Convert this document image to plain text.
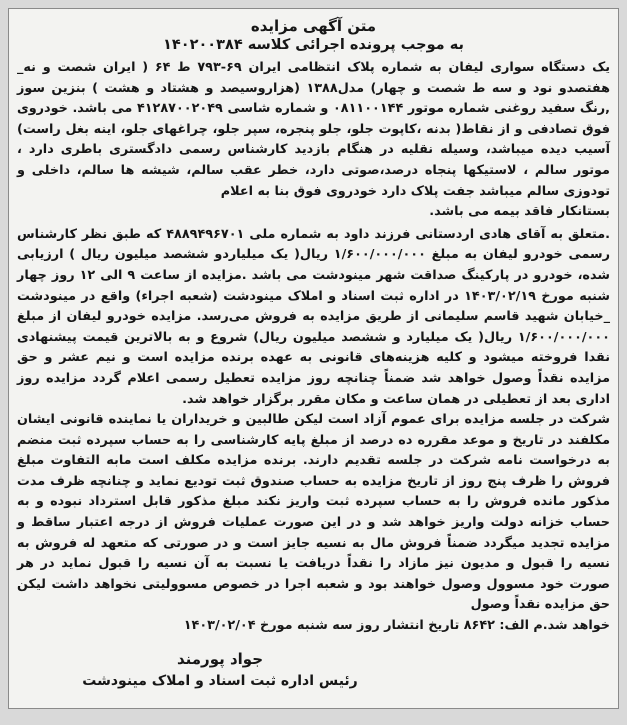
متن آگهی مزایده

به موجب پرونده اجرائی کلاسه ۱۴۰۲۰۰۳۸۴

یک دستگاه سواری لیفان به شماره پلاک انتظامی ایران ۶۹-۷۹۳ ط ۶۴ ( ایران شصت و نه_ هفتصدو نود و سه ط شصت و چهار) مدل۱۳۸۸ (هزاروسیصد و هشتاد و هشت ) بنزین سوز ,رنگ سفید روغنی شماره موتور ۰۸۱۱۰۰۱۴۴ و شماره شاسی ۴۱۲۸۷۰۰۲۰۴۹ می باشد. خودروی فوق تصادفی و از نقاط( بدنه ،کاپوت جلو، جلو پنجره، سپر جلو، چراغهای جلو، اینه بغل راست) آسیب دیده میباشد، وسیله نقلیه در هنگام بازدید کارشناس رسمی دادگستری باطری دارد ، موتور سالم ، لاستیکها پنجاه درصد،صوتی دارد، خطر عقب سالم، شیشه ها سالم، داخلی و تودوزی سالم میباشد جفت پلاک دارد خودروی فوق بنا به اعلام

بستانکار فاقد بیمه می باشد.

.متعلق به آقای هادی اردستانی فرزند داود به شماره ملی ۴۸۸۹۴۹۶۷۰۱ که طبق نظر کارشناس رسمی خودرو لیفان به مبلغ ۱/۶۰۰/۰۰۰/۰۰۰ ریال( یک میلیاردو ششصد میلیون ریال ) ارزیابی شده، خودرو در پارکینگ صداقت شهر مینودشت می باشد .مزایده از ساعت ۹ الی ۱۲ روز چهار شنبه مورخ ۱۴۰۳/۰۲/۱۹ در اداره ثبت اسناد و املاک مینودشت (شعبه اجراء) واقع در مینودشت _خیابان شهید قاسم سلیمانی از طریق مزایده به فروش می‌رسد. مزایده خودرو لیفان از مبلغ ۱/۶۰۰/۰۰۰/۰۰۰ ریال( یک میلیارد و ششصد میلیون ریال) شروع و به بالاترین قیمت پیشنهادی نقدا فروخته میشود و کلیه هزینه‌های قانونی به عهده برنده مزایده است و نیم عشر و حق مزایده نقداً وصول خواهد شد ضمناً چنانچه روز مزایده تعطیل رسمی اعلام گردد مزایده روز اداری بعد از تعطیلی در همان ساعت و مکان مقرر برگزار خواهد شد.

شرکت در جلسه مزایده برای عموم آزاد است لیکن طالبین و خریداران یا نماینده قانونی ایشان مکلفند در تاریخ و موعد مقرره ده درصد از مبلغ پایه کارشناسی را به حساب سپرده ثبت منضم به درخواست نامه شرکت در جلسه تقدیم دارند. برنده مزایده مکلف است مابه التفاوت مبلغ فروش را ظرف پنج روز از تاریخ مزایده به حساب صندوق ثبت تودیع نماید و چنانچه ظرف مدت مذکور مانده فروش را به حساب سپرده ثبت واریز نکند مبلغ مذکور قابل استرداد نبوده و به حساب خزانه دولت واریز خواهد شد و در این صورت عملیات فروش از درجه اعتبار ساقط و مزایده تجدید میگردد ضمناً فروش مال به نسیه جایز است و در صورتی که متعهد له فروش به نسیه را قبول و مدیون نیز مازاد را نقداً دریافت یا نسبت به آن نسیه را قبول نماید در هر صورت خود مسوول وصول خواهند بود و شعبه اجرا در خصوص مسوولیتی نخواهد داشت لیکن حق مزایده نقداً وصول

خواهد شد.م الف: ۸۶۴۲ تاریخ انتشار روز سه شنبه مورخ ۱۴۰۳/۰۲/۰۴

جواد پورمند
رئیس اداره ثبت اسناد و املاک مینودشت
